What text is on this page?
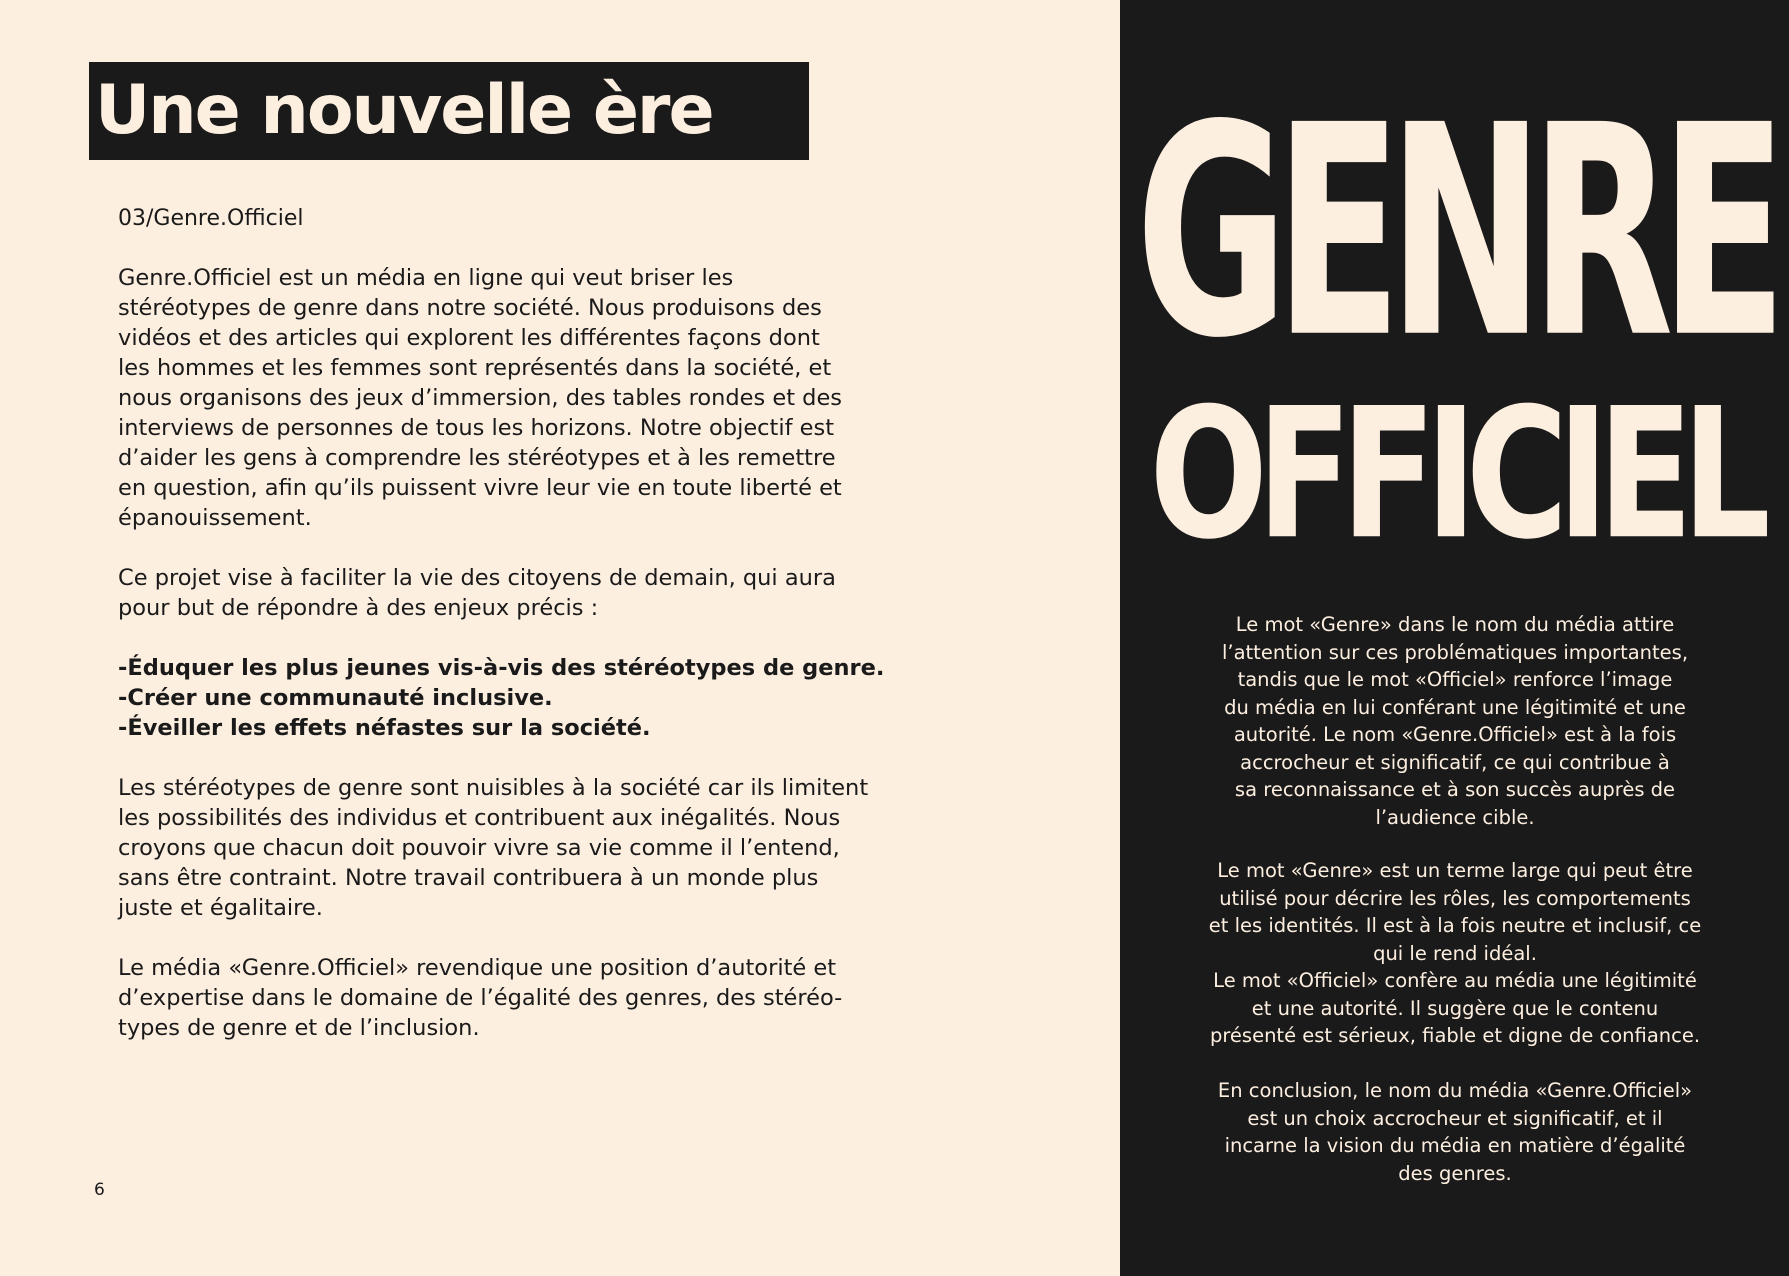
Une nouvelle ère
03/Genre.Officiel
Genre.Officiel est un média en ligne qui veut briser les
stéréotypes de genre dans notre société. Nous produisons des
vidéos et des articles qui explorent les différentes façons dont
les hommes et les femmes sont représentés dans la société, et
nous organisons des jeux d’immersion, des tables rondes et des
interviews de personnes de tous les horizons. Notre objectif est
d’aider les gens à comprendre les stéréotypes et à les remettre
en question, afin qu’ils puissent vivre leur vie en toute liberté et
épanouissement.
Ce projet vise à faciliter la vie des citoyens de demain, qui aura
pour but de répondre à des enjeux précis :
-Éduquer les plus jeunes vis-à-vis des stéréotypes de genre.
-Créer une communauté inclusive.
-Éveiller les effets néfastes sur la société.
Les stéréotypes de genre sont nuisibles à la société car ils limitent
les possibilités des individus et contribuent aux inégalités. Nous
croyons que chacun doit pouvoir vivre sa vie comme il l’entend,
sans être contraint. Notre travail contribuera à un monde plus
juste et égalitaire.
Le média «Genre.Officiel» revendique une position d’autorité et
d’expertise dans le domaine de l’égalité des genres, des stéréo-
types de genre et de l’inclusion.
6
GENRE
OFFICIEL
Le mot «Genre» dans le nom du média attire
l’attention sur ces problématiques importantes,
tandis que le mot «Officiel» renforce l’image
du média en lui conférant une légitimité et une
autorité. Le nom «Genre.Officiel» est à la fois
accrocheur et significatif, ce qui contribue à
sa reconnaissance et à son succès auprès de
l’audience cible.
Le mot «Genre» est un terme large qui peut être
utilisé pour décrire les rôles, les comportements
et les identités. Il est à la fois neutre et inclusif, ce
qui le rend idéal.
Le mot «Officiel» confère au média une légitimité
et une autorité. Il suggère que le contenu
présenté est sérieux, fiable et digne de confiance.
En conclusion, le nom du média «Genre.Officiel»
est un choix accrocheur et significatif, et il
incarne la vision du média en matière d’égalité
des genres.
